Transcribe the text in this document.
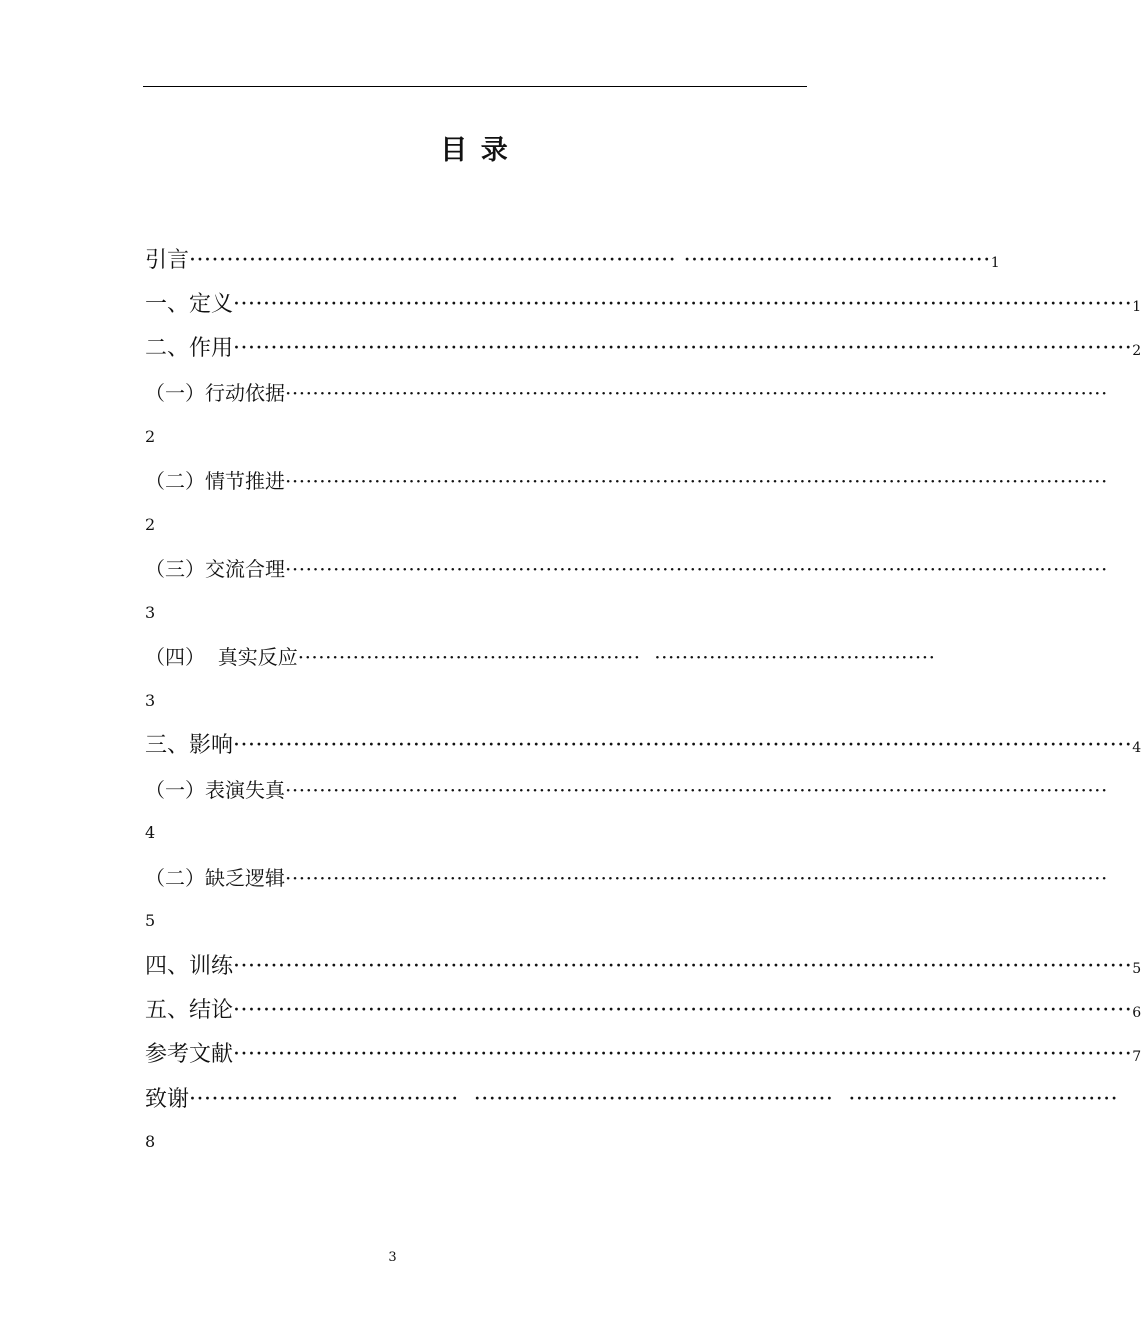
目 录
引言 ································································· ········································· 1
一、定义 ························································································································ 1
二、作用 ························································································································ 2
（一）行动依据 ························································································································
2
（二）情节推进 ························································································································
2
（三）交流合理 ························································································································
3
（四）  真实反应 ··················································  ·········································
3
三、影响 ························································································································ 4
（一）表演失真 ························································································································
4
（二）缺乏逻辑 ························································································································
5
四、训练 ························································································································ 5
五、结论 ························································································································ 6
参考文献 ························································································································ 7
致谢 ····································  ················································  ····································
8
3
